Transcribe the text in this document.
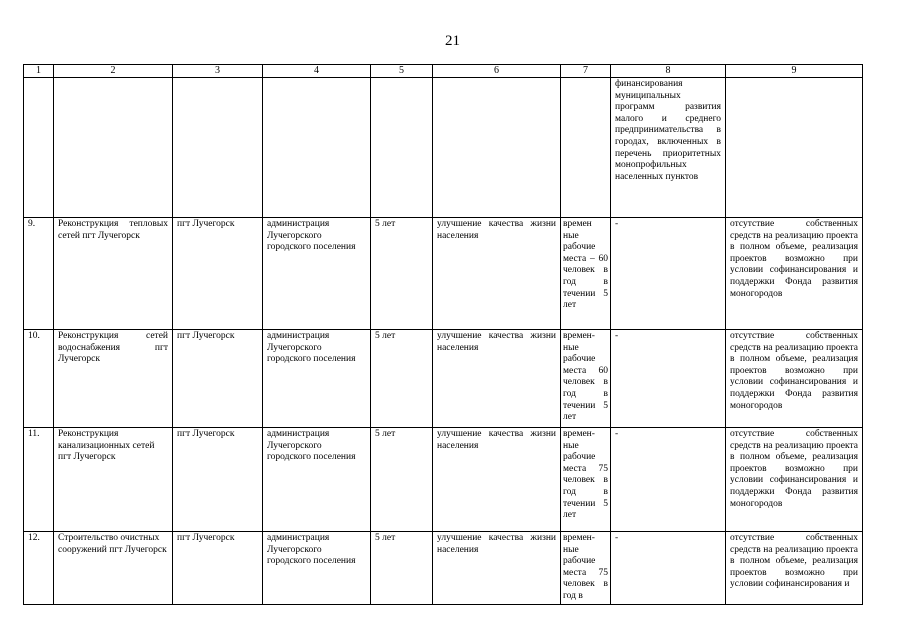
21
1	2	3	4	5	6	7	8	9
							финансирования муниципальных программ развития малого и среднего предпринимательства в городах, включенных в перечень приоритетных монопрофильных населенных пунктов	
9.	Реконструкция тепловых сетей пгт Лучегорск	пгт Лучегорск	администрация Лучегорского городского поселения	5 лет	улучшение качества жизни населения	времен ные рабочие места – 60 человек в год в течении 5 лет	-	отсутствие собственных средств на реализацию проекта в полном объеме, реализация проектов возможно при условии софинансирования и поддержки Фонда развития моногородов
10.	Реконструкция сетей водоснабжения пгт Лучегорск	пгт Лучегорск	администрация Лучегорского городского поселения	5 лет	улучшение качества жизни населения	времен- ные рабочие места 60 человек в год в течении 5 лет	-	отсутствие собственных средств на реализацию проекта в полном объеме, реализация проектов возможно при условии софинансирования и поддержки Фонда развития моногородов
11.	Реконструкция канализационных сетей пгт Лучегорск	пгт Лучегорск	администрация Лучегорского городского поселения	5 лет	улучшение качества жизни населения	времен- ные рабочие места 75 человек в год в течении 5 лет	-	отсутствие собственных средств на реализацию проекта в полном объеме, реализация проектов возможно при условии софинансирования и поддержки Фонда развития моногородов
12.	Строительство очистных сооружений пгт Лучегорск	пгт Лучегорск	администрация Лучегорского городского поселения	5 лет	улучшение качества жизни населения	времен- ные рабочие места 75 человек в год в	-	отсутствие собственных средств на реализацию проекта в полном объеме, реализация проектов возможно при условии софинансирования и
